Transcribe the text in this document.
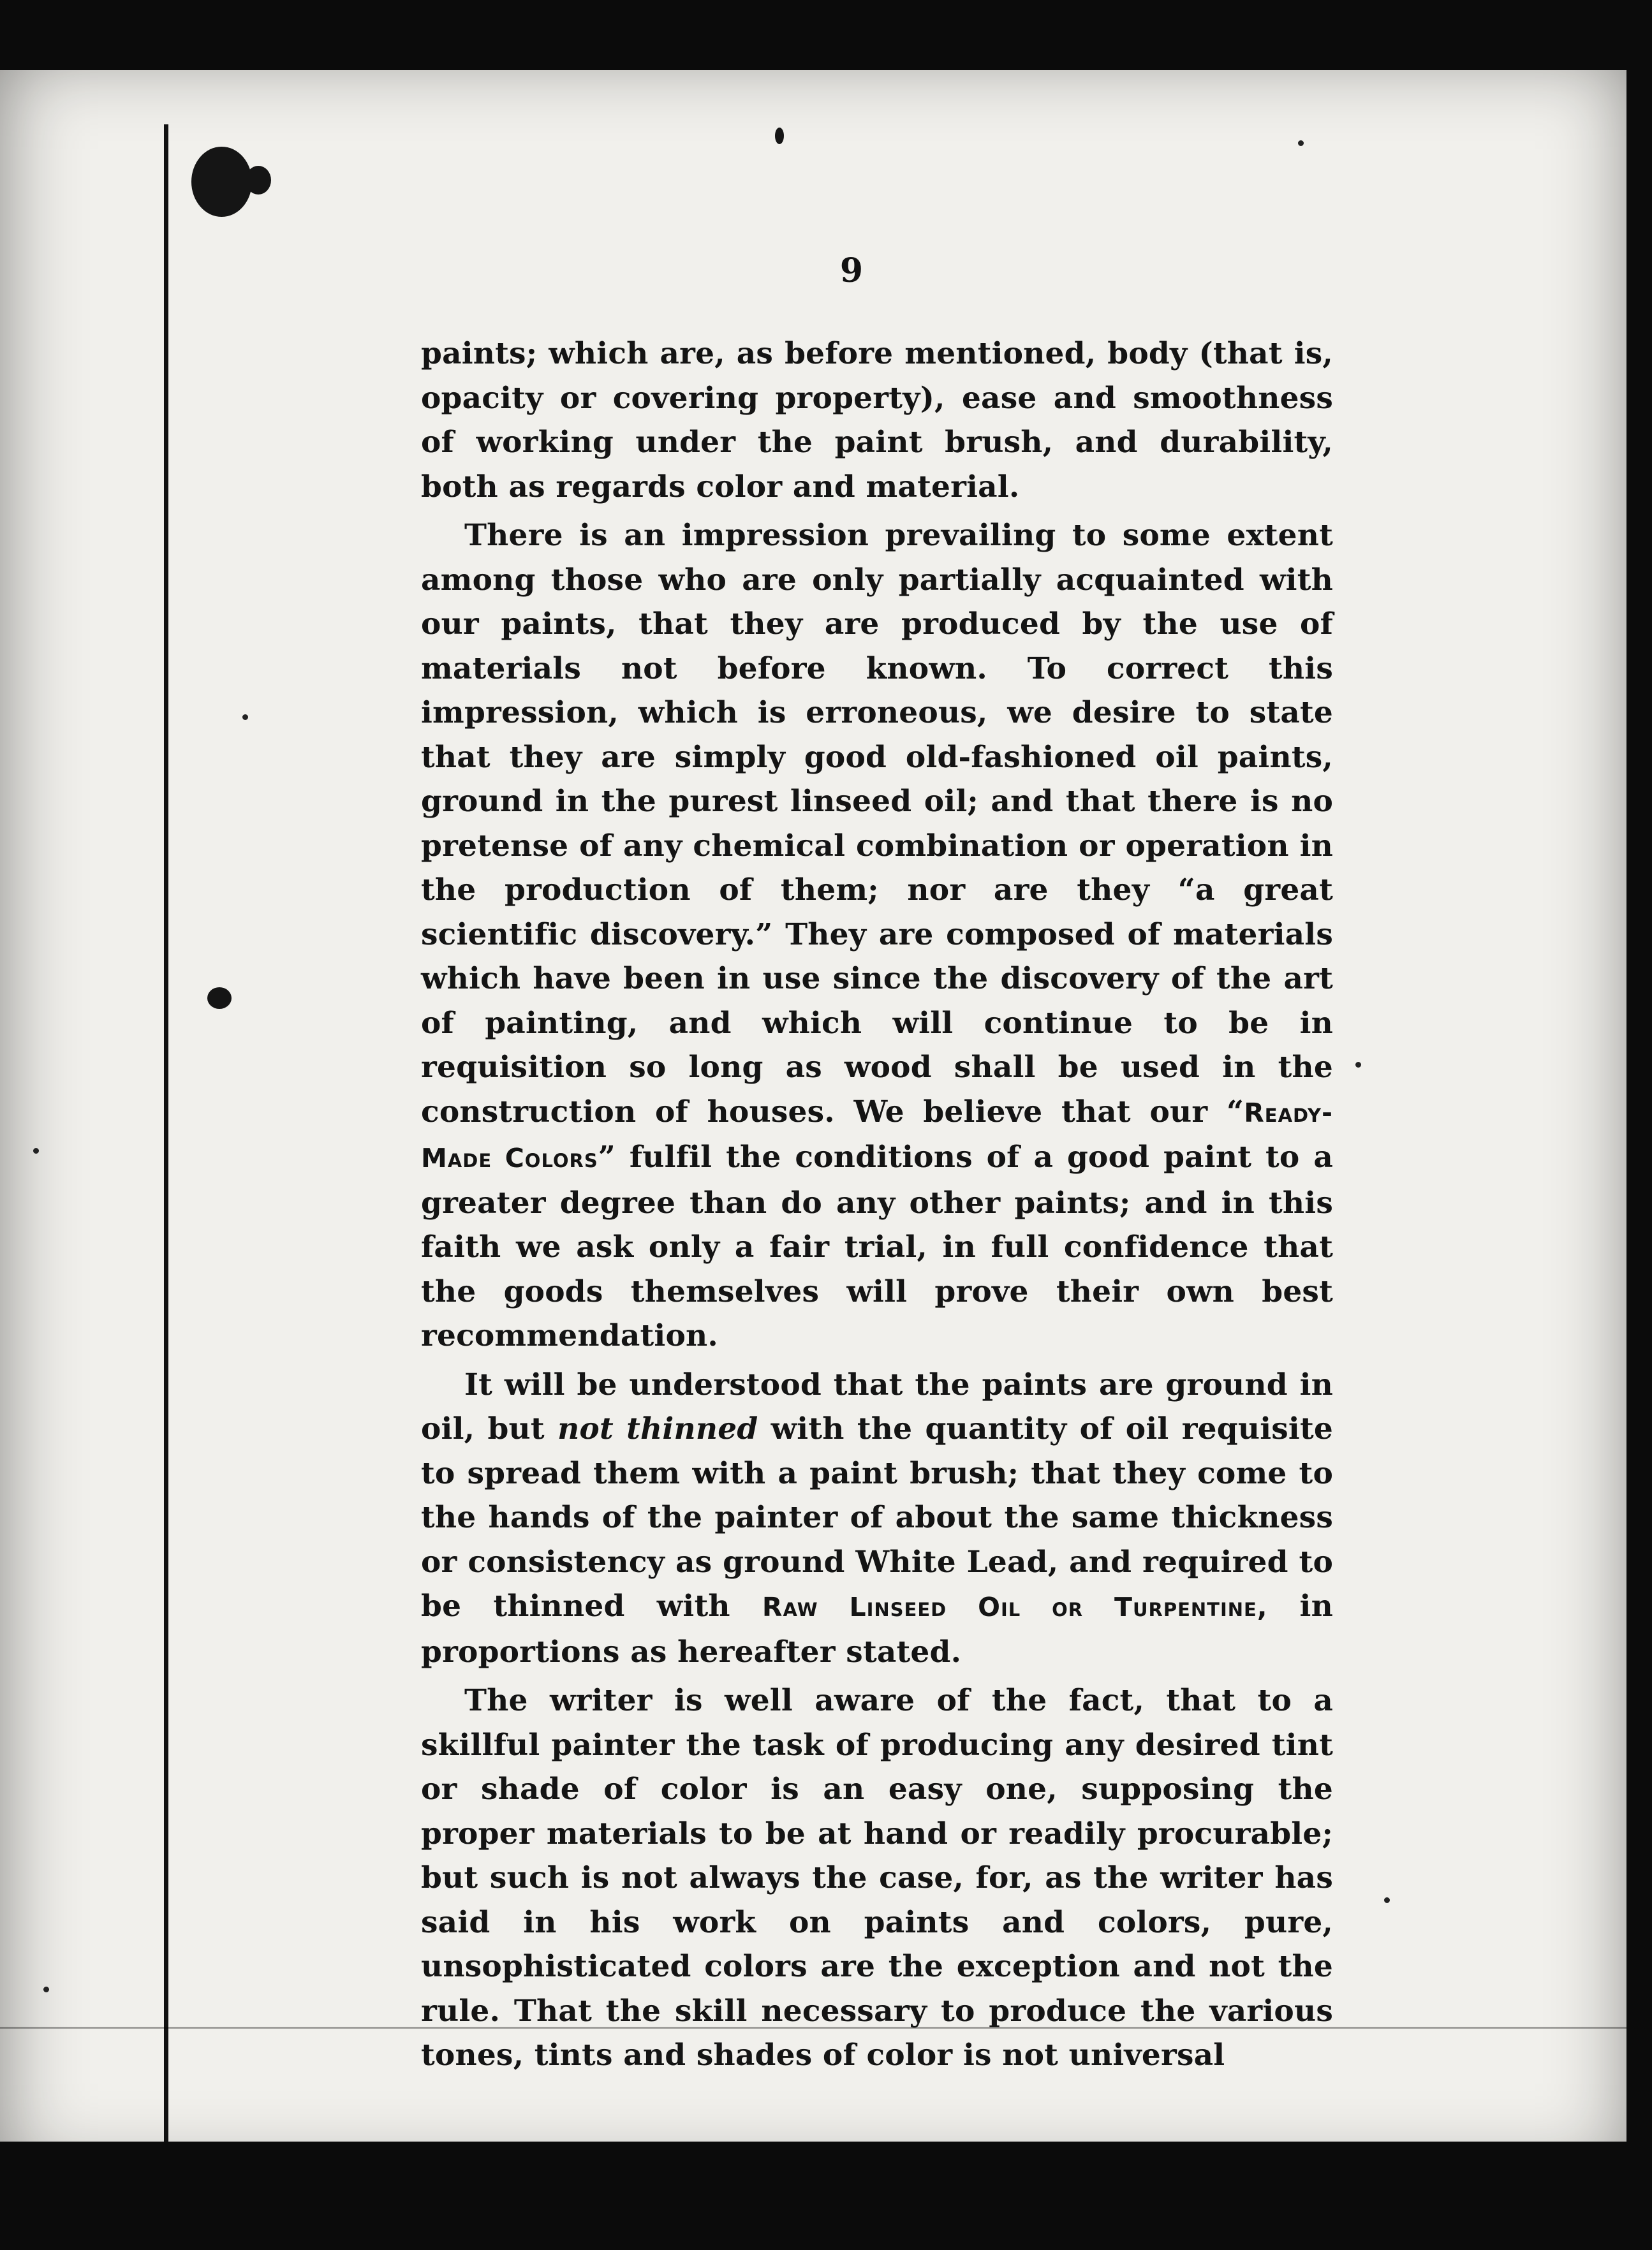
9

paints; which are, as before mentioned, body (that is, opacity or covering property), ease and smoothness of working under the paint brush, and durability, both as regards color and material.

There is an impression prevailing to some extent among those who are only partially acquainted with our paints, that they are produced by the use of materials not before known. To correct this impression, which is erroneous, we desire to state that they are simply good old-fashioned oil paints, ground in the purest linseed oil; and that there is no pretense of any chemical combination or operation in the production of them; nor are they “a great scientific discovery.” They are composed of materials which have been in use since the discovery of the art of painting, and which will continue to be in requisition so long as wood shall be used in the construction of houses. We believe that our “Ready-Made Colors” fulfil the conditions of a good paint to a greater degree than do any other paints; and in this faith we ask only a fair trial, in full confidence that the goods themselves will prove their own best recommendation.

It will be understood that the paints are ground in oil, but not thinned with the quantity of oil requisite to spread them with a paint brush; that they come to the hands of the painter of about the same thickness or consistency as ground White Lead, and required to be thinned with Raw Linseed Oil or Turpentine, in proportions as hereafter stated.

The writer is well aware of the fact, that to a skillful painter the task of producing any desired tint or shade of color is an easy one, supposing the proper materials to be at hand or readily procurable; but such is not always the case, for, as the writer has said in his work on paints and colors, pure, unsophisticated colors are the exception and not the rule. That the skill necessary to produce the various tones, tints and shades of color is not universal
